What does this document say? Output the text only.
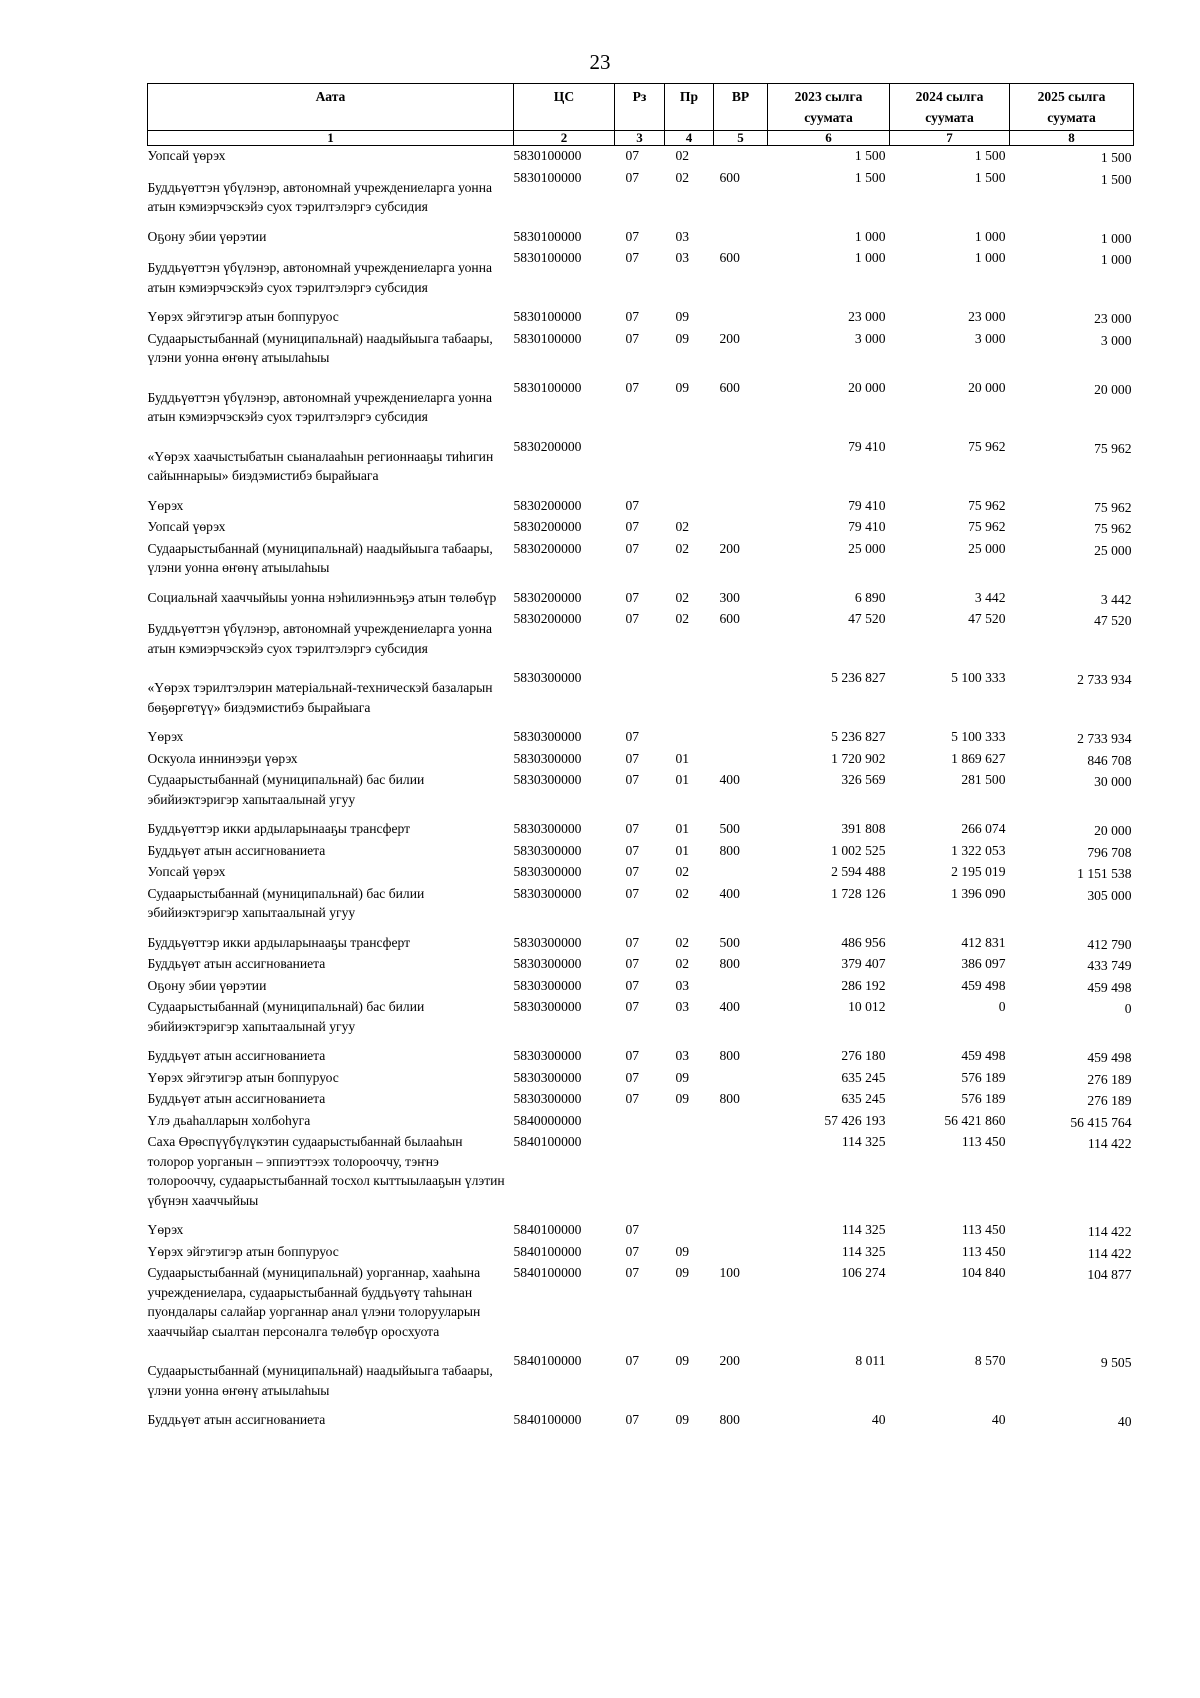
23
Аата	ЦС	Рз	Пр	ВР	2023 сылга суумата	2024 сылга суумата	2025 сылга суумата
1	2	3	4	5	6	7	8
Уопсай үөрэх	5830100000	07	02		1 500	1 500	1 500
Буддьүөттэн үбүлэнэр, автономнай учреждениеларга уонна атын кэмиэрчэскэйэ суох тэрилтэлэргэ субсидия	5830100000	07	02	600	1 500	1 500	1 500

Оҕону эбии үөрэтии	5830100000	07	03		1 000	1 000	1 000
Буддьүөттэн үбүлэнэр, автономнай учреждениеларга уонна атын кэмиэрчэскэйэ суох тэрилтэлэргэ субсидия	5830100000	07	03	600	1 000	1 000	1 000

Үөрэх эйгэтигэр атын боппуруос	5830100000	07	09		23 000	23 000	23 000
Судаарыстыбаннай (муниципальнай) наадыйыыга табаары, үлэни уонна өҥөнү атыылаһыы	5830100000	07	09	200	3 000	3 000	3 000

Буддьүөттэн үбүлэнэр, автономнай учреждениеларга уонна атын кэмиэрчэскэйэ суох тэрилтэлэргэ субсидия	5830100000	07	09	600	20 000	20 000	20 000

«Үөрэх хаачыстыбатын сыаналааһын регионнааҕы тиһигин сайыннарыы» биэдэмистибэ бырайыага	5830200000				79 410	75 962	75 962

Үөрэх	5830200000	07			79 410	75 962	75 962
Уопсай үөрэх	5830200000	07	02		79 410	75 962	75 962
Судаарыстыбаннай (муниципальнай) наадыйыыга табаары, үлэни уонна өҥөнү атыылаһыы	5830200000	07	02	200	25 000	25 000	25 000

Социальнай хааччыйыы уонна нэһилиэнньэҕэ атын төлөбүр	5830200000	07	02	300	6 890	3 442	3 442
Буддьүөттэн үбүлэнэр, автономнай учреждениеларга уонна атын кэмиэрчэскэйэ суох тэрилтэлэргэ субсидия	5830200000	07	02	600	47 520	47 520	47 520

«Үөрэх тэрилтэлэрин матеріальнай-техническэй базаларын бөҕөргөтүү» биэдэмистибэ бырайыага	5830300000				5 236 827	5 100 333	2 733 934

Үөрэх	5830300000	07			5 236 827	5 100 333	2 733 934
Оскуола иннинээҕи үөрэх	5830300000	07	01		1 720 902	1 869 627	846 708
Судаарыстыбаннай (муниципальнай) бас билии эбийиэктэригэр хапытаалынай угуу	5830300000	07	01	400	326 569	281 500	30 000

Буддьүөттэр икки ардыларынааҕы трансферт	5830300000	07	01	500	391 808	266 074	20 000
Буддьүөт атын ассигнованиета	5830300000	07	01	800	1 002 525	1 322 053	796 708
Уопсай үөрэх	5830300000	07	02		2 594 488	2 195 019	1 151 538
Судаарыстыбаннай (муниципальнай) бас билии эбийиэктэригэр хапытаалынай угуу	5830300000	07	02	400	1 728 126	1 396 090	305 000

Буддьүөттэр икки ардыларынааҕы трансферт	5830300000	07	02	500	486 956	412 831	412 790
Буддьүөт атын ассигнованиета	5830300000	07	02	800	379 407	386 097	433 749
Оҕону эбии үөрэтии	5830300000	07	03		286 192	459 498	459 498
Судаарыстыбаннай (муниципальнай) бас билии эбийиэктэригэр хапытаалынай угуу	5830300000	07	03	400	10 012	0	0

Буддьүөт атын ассигнованиета	5830300000	07	03	800	276 180	459 498	459 498
Үөрэх эйгэтигэр атын боппуруос	5830300000	07	09		635 245	576 189	276 189
Буддьүөт атын ассигнованиета	5830300000	07	09	800	635 245	576 189	276 189
Үлэ дьаһалларын холбоһуга	5840000000				57 426 193	56 421 860	56 415 764
Саха Өрөспүүбүлүкэтин судаарыстыбаннай былааһын толорор уорганын – эппиэттээх толорооччу, тэҥнэ толорооччу, судаарыстыбаннай тосхол кыттыылааҕын үлэтин үбүнэн хааччыйыы	5840100000				114 325	113 450	114 422

Үөрэх	5840100000	07			114 325	113 450	114 422
Үөрэх эйгэтигэр атын боппуруос	5840100000	07	09		114 325	113 450	114 422
Судаарыстыбаннай (муниципальнай) уорганнар, хааһына учреждениелара, судаарыстыбаннай буддьүөтү таһынан пуондалары салайар уорганнар анал үлэни толорууларын хааччыйар сыалтан персоналга төлөбүр оросхуота	5840100000	07	09	100	106 274	104 840	104 877

Судаарыстыбаннай (муниципальнай) наадыйыыга табаары, үлэни уонна өҥөнү атыылаһыы	5840100000	07	09	200	8 011	8 570	9 505

Буддьүөт атын ассигнованиета	5840100000	07	09	800	40	40	40
